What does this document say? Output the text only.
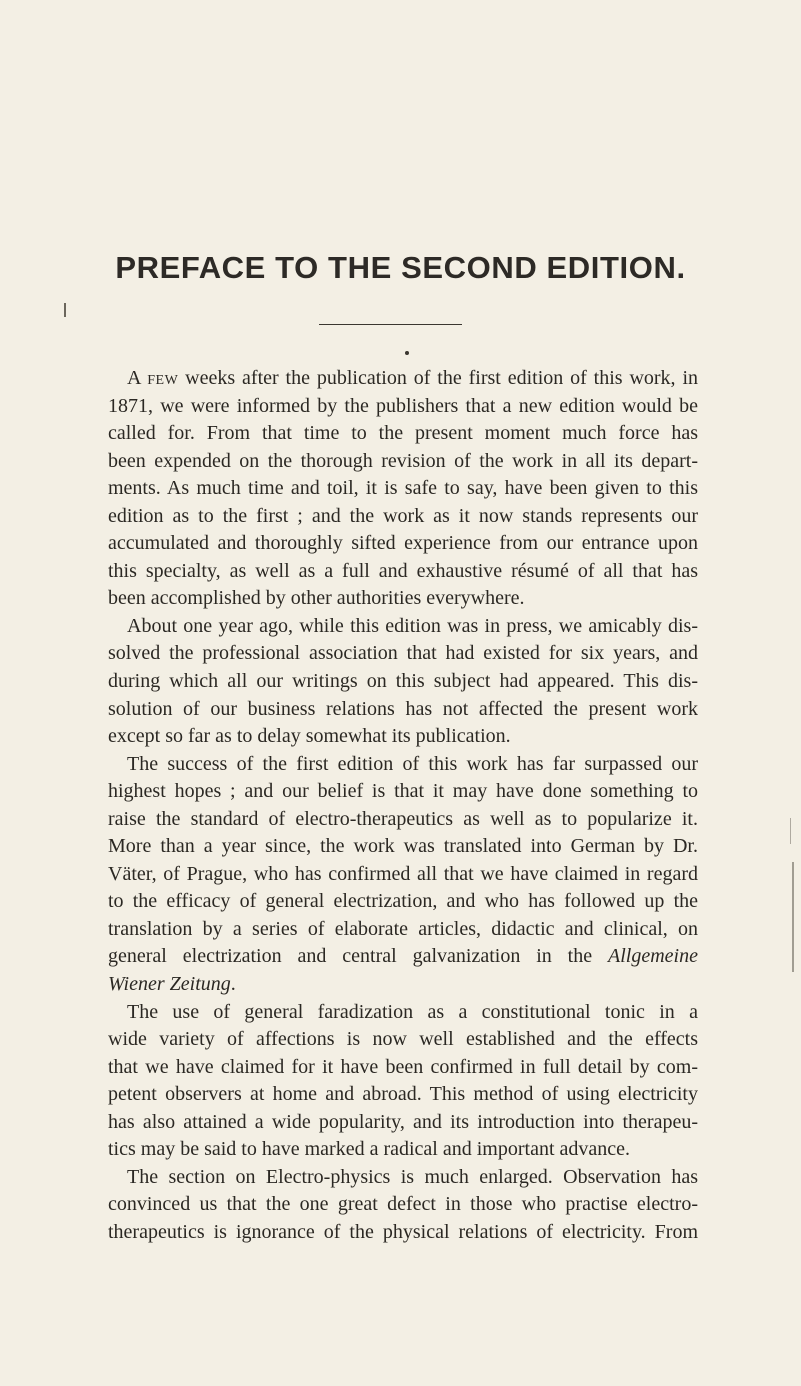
PREFACE TO THE SECOND EDITION.
A few weeks after the publication of the first edition of this work, in
1871, we were informed by the publishers that a new edition would be
called for. From that time to the present moment much force has
been expended on the thorough revision of the work in all its depart-
ments. As much time and toil, it is safe to say, have been given to this
edition as to the first ; and the work as it now stands represents our
accumulated and thoroughly sifted experience from our entrance upon
this specialty, as well as a full and exhaustive résumé of all that has
been accomplished by other authorities everywhere.
About one year ago, while this edition was in press, we amicably dis-
solved the professional association that had existed for six years, and
during which all our writings on this subject had appeared. This dis-
solution of our business relations has not affected the present work
except so far as to delay somewhat its publication.
The success of the first edition of this work has far surpassed our
highest hopes ; and our belief is that it may have done something to
raise the standard of electro-therapeutics as well as to popularize it.
More than a year since, the work was translated into German by Dr.
Väter, of Prague, who has confirmed all that we have claimed in regard
to the efficacy of general electrization, and who has followed up the
translation by a series of elaborate articles, didactic and clinical, on
general electrization and central galvanization in the Allgemeine
Wiener Zeitung.
The use of general faradization as a constitutional tonic in a
wide variety of affections is now well established and the effects
that we have claimed for it have been confirmed in full detail by com-
petent observers at home and abroad. This method of using electricity
has also attained a wide popularity, and its introduction into therapeu-
tics may be said to have marked a radical and important advance.
The section on Electro-physics is much enlarged. Observation has
convinced us that the one great defect in those who practise electro-
therapeutics is ignorance of the physical relations of electricity. From
